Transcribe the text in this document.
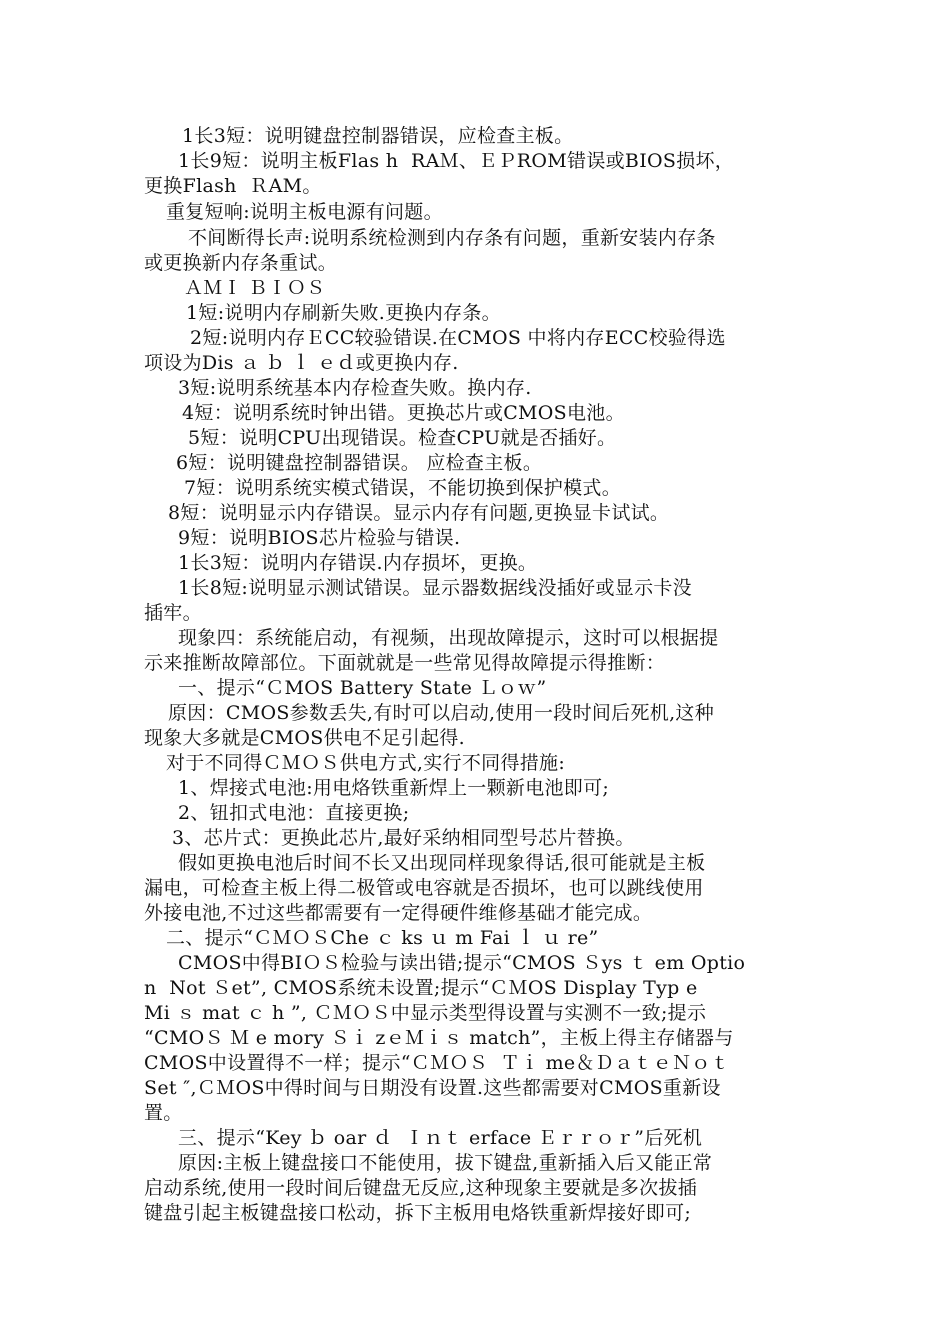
1长3短：说明键盘控制器错误，应检查主板。
1长9短：说明主板Flas h  RAＭ、ＥＰROM错误或BIOS损坏，
更换Flash  ＲAM。
重复短响:说明主板电源有问题。
不间断得长声:说明系统检测到内存条有问题，重新安装内存条
或更换新内存条重试。
ＡＭＩ ＢＩＯＳ
1短:说明内存刷新失败.更换内存条。
2短:说明内存ＥCC较验错误.在CMOS 中将内存ECC校验得选
项设为Dis ａ ｂ ｌ ｅｄ或更换内存.
3短:说明系统基本内存检查失败。换内存.
4短：说明系统时钟出错。更换芯片或CMOS电池。
5短：说明CPU出现错误。检查CPU就是否插好。
6短：说明键盘控制器错误。 应检查主板。
7短：说明系统实模式错误，不能切换到保护模式。
8短：说明显示内存错误。显示内存有问题,更换显卡试试。
9短：说明BIOS芯片检验与错误.
1长3短：说明内存错误.内存损坏，更换。
1长8短:说明显示测试错误。显示器数据线没插好或显示卡没
插牢。
现象四：系统能启动，有视频，出现故障提示，这时可以根据提
示来推断故障部位。下面就就是一些常见得故障提示得推断：
一、提示“ＣMOS Battery State Ｌｏｗ”
原因：CMOS参数丢失,有时可以启动,使用一段时间后死机,这种
现象大多就是CMOS供电不足引起得.
对于不同得ＣＭＯＳ供电方式,实行不同得措施:
1、焊接式电池:用电烙铁重新焊上一颗新电池即可;
2、钮扣式电池：直接更换;
3、芯片式：更换此芯片,最好采纳相同型号芯片替换。
假如更换电池后时间不长又出现同样现象得话,很可能就是主板
漏电，可检查主板上得二极管或电容就是否损坏，也可以跳线使用
外接电池,不过这些都需要有一定得硬件维修基础才能完成。
二、提示“ＣＭＯＳChe ｃ ks ｕ m Fai ｌ ｕ re”
CMOS中得BIＯＳ检验与读出错;提示“CMOS Ｓys ｔ em Optio
n  Not Ｓet”, CMOS系统未设置;提示“ＣＭOS Display Typ e
Mi ｓ mat ｃ h ”, ＣＭＯＳ中显示类型得设置与实测不一致;提示
“CMOＳ Ｍ e mory Ｓｉ zｅＭｉｓ match”，主板上得主存储器与
CMOS中设置得不一样；提示“ＣＭＯＳ  Ｔｉ me＆ＤａｔｅＮｏｔ
Set ″,ＣＭOS中得时间与日期没有设置.这些都需要对CMOS重新设
置。
三、提示“Key ｂ oar ｄ  Ｉｎｔ erface Ｅｒｒｏｒ”后死机
原因:主板上键盘接口不能使用，拔下键盘,重新插入后又能正常
启动系统,使用一段时间后键盘无反应,这种现象主要就是多次拔插
键盘引起主板键盘接口松动，拆下主板用电烙铁重新焊接好即可;
